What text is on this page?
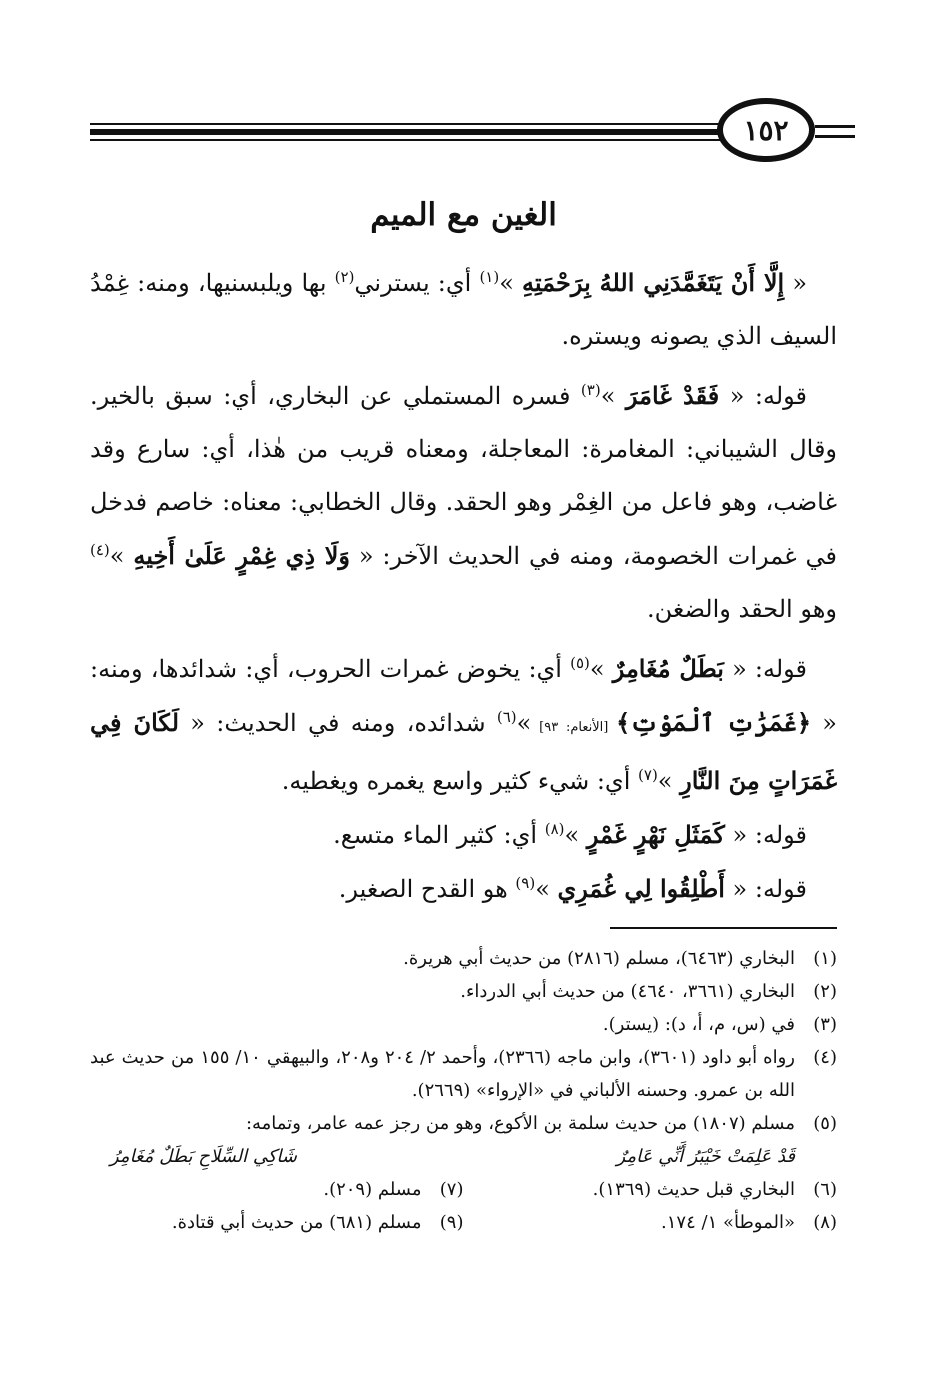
١٥٢
الغين مع الميم

« إِلَّا أَنْ يَتَغَمَّدَنِي اللهُ بِرَحْمَتِهِ »$^{(١)}$ أي: يسترني$^{(٢)}$ بها ويلبسنيها، ومنه: غِمْدُ السيف الذي يصونه ويستره.

قوله: « فَقَدْ غَامَرَ »$^{(٣)}$ فسره المستملي عن البخاري، أي: سبق بالخير. وقال الشيباني: المغامرة: المعاجلة، ومعناه قريب من هٰذا، أي: سارع وقد غاضب، وهو فاعل من الغِمْر وهو الحقد. وقال الخطابي: معناه: خاصم فدخل في غمرات الخصومة، ومنه في الحديث الآخر: « وَلَا ذِي غِمْرٍ عَلَىٰ أَخِيهِ »$^{(٤)}$ وهو الحقد والضغن.

قوله: « بَطَلٌ مُغَامِرٌ »$^{(٥)}$ أي: يخوض غمرات الحروب، أي: شدائدها، ومنه: « ﴿غَمَرَٰتِ ٱلْمَوْتِ﴾ [الأنعام: ٩٣] »$^{(٦)}$ شدائده، ومنه في الحديث: « لَكَانَ فِي غَمَرَاتٍ مِنَ النَّارِ »$^{(٧)}$ أي: شيء كثير واسع يغمره ويغطيه.

قوله: « كَمَثَلِ نَهْرٍ غَمْرٍ »$^{(٨)}$ أي: كثير الماء متسع.

قوله: « أَطْلِقُوا لِي غُمَرِي »$^{(٩)}$ هو القدح الصغير.

(١)
البخاري (٦٤٦٣)، مسلم (٢٨١٦) من حديث أبي هريرة.
(٢)
البخاري (٣٦٦١، ٤٦٤٠) من حديث أبي الدرداء.
(٣)
في (س، م، أ، د): (يستر).
(٤)
رواه أبو داود (٣٦٠١)، وابن ماجه (٢٣٦٦)، وأحمد ٢/ ٢٠٤ و٢٠٨، والبيهقي ١٠/ ١٥٥ من حديث عبد الله بن عمرو. وحسنه الألباني في «الإرواء» (٢٦٦٩).
(٥)
مسلم (١٨٠٧) من حديث سلمة بن الأكوع، وهو من رجز عمه عامر، وتمامه:
قَدْ عَلِمَتْ خَيْبَرُ أَنِّي عَامِرٌ
شَاكِي السِّلَاحِ بَطَلٌ مُغَامِرُ
(٦)
البخاري قبل حديث (١٣٦٩).
(٧)
مسلم (٢٠٩).
(٨)
«الموطأ» ١/ ١٧٤.
(٩)
مسلم (٦٨١) من حديث أبي قتادة.
